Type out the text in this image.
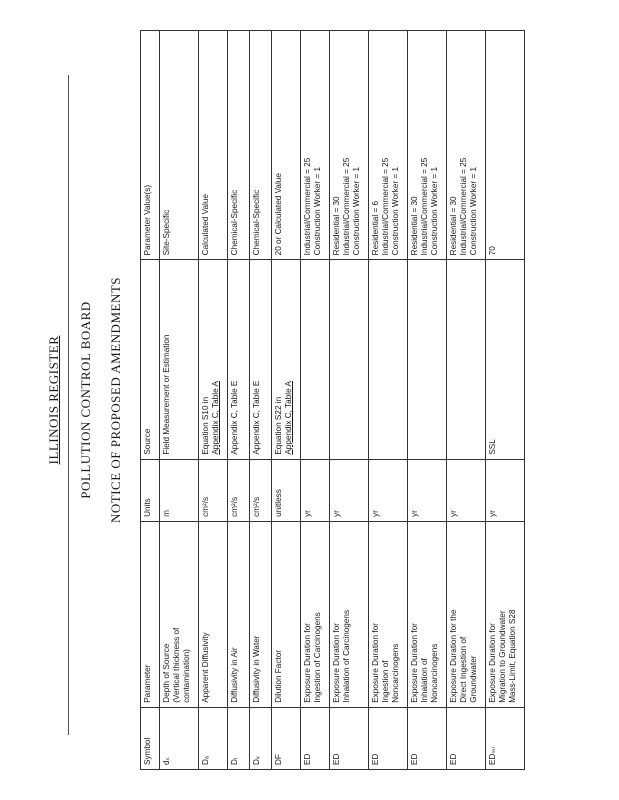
ILLINOIS REGISTER POLLUTION CONTROL BOARD NOTICE OF PROPOSED AMENDMENTS
Symbol	Parameter	Units	Source	Parameter Value(s)
dₛ	Depth of Source (Vertical thickness of contamination)	m	Field Measurement or Estimation	Site-Specific

Dₐ	Apparent Diffusivity	cm²/s	Equation S10 in Appendix C, Table A	Calculated Value

Dᵢ	Diffusivity in Air	cm²/s	Appendix C, Table E	Chemical-Specific

Dᵥ	Diffusivity in Water	cm²/s	Appendix C, Table E	Chemical-Specific

DF	Dilution Factor	unitless	Equation S22 in Appendix C, Table A	20 or Calculated Value

ED	Exposure Duration for Ingestion of Carcinogens	yr		Industrial/Commercial = 25 Construction Worker = 1

ED	Exposure Duration for Inhalation of Carcinogens	yr		Residential = 30 Industrial/Commercial = 25 Construction Worker = 1

ED	Exposure Duration for Ingestion of Noncarcinogens	yr		Residential = 6 Industrial/Commercial = 25 Construction Worker = 1

ED	Exposure Duration for Inhalation of Noncarcinogens	yr		Residential = 30 Industrial/Commercial = 25 Construction Worker = 1

ED	Exposure Duration for the Direct Ingestion of Groundwater	yr		Residential = 30 Industrial/Commercial = 25 Construction Worker = 1

EDₘₗ	Exposure Duration for Migration to Groundwater Mass-Limit, Equation S28	yr	SSL	70
